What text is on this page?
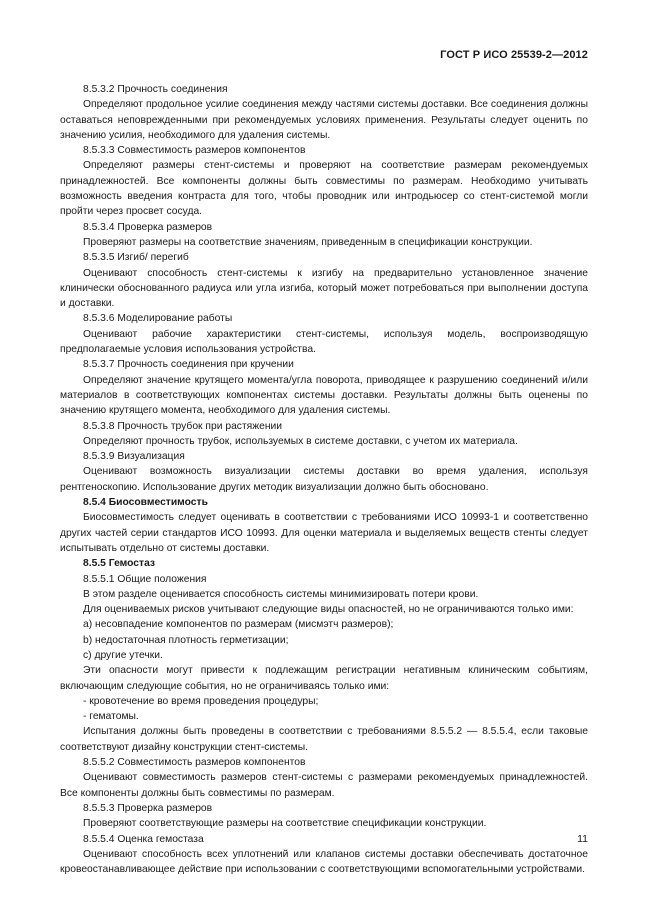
ГОСТ Р ИСО 25539-2—2012
8.5.3.2 Прочность соединения
Определяют продольное усилие соединения между частями системы доставки. Все соединения должны оставаться неповрежденными при рекомендуемых условиях применения. Результаты следует оценить по значению усилия, необходимого для удаления системы.
8.5.3.3 Совместимость размеров компонентов
Определяют размеры стент-системы и проверяют на соответствие размерам рекомендуемых принадлежностей. Все компоненты должны быть совместимы по размерам. Необходимо учитывать возможность введения контраста для того, чтобы проводник или интродьюсер со стент-системой могли пройти через просвет сосуда.
8.5.3.4 Проверка размеров
Проверяют размеры на соответствие значениям, приведенным в спецификации конструкции.
8.5.3.5 Изгиб/ перегиб
Оценивают способность стент-системы к изгибу на предварительно установленное значение клинически обоснованного радиуса или угла изгиба, который может потребоваться при выполнении доступа и доставки.
8.5.3.6 Моделирование работы
Оценивают рабочие характеристики стент-системы, используя модель, воспроизводящую предполагаемые условия использования устройства.
8.5.3.7 Прочность соединения при кручении
Определяют значение крутящего момента/угла поворота, приводящее к разрушению соединений и/или материалов в соответствующих компонентах системы доставки. Результаты должны быть оценены по значению крутящего момента, необходимого для удаления системы.
8.5.3.8 Прочность трубок при растяжении
Определяют прочность трубок, используемых в системе доставки, с учетом их материала.
8.5.3.9 Визуализация
Оценивают возможность визуализации системы доставки во время удаления, используя рентгеноскопию. Использование других методик визуализации должно быть обосновано.
8.5.4 Биосовместимость
Биосовместимость следует оценивать в соответствии с требованиями ИСО 10993-1 и соответственно других частей серии стандартов ИСО 10993. Для оценки материала и выделяемых веществ стенты следует испытывать отдельно от системы доставки.
8.5.5 Гемостаз
8.5.5.1 Общие положения
В этом разделе оценивается способность системы минимизировать потери крови.
Для оцениваемых рисков учитывают следующие виды опасностей, но не ограничиваются только ими:
a) несовпадение компонентов по размерам (мисмэтч размеров);
b) недостаточная плотность герметизации;
c) другие утечки.
Эти опасности могут привести к подлежащим регистрации негативным клиническим событиям, включающим следующие события, но не ограничиваясь только ими:
- кровотечение во время проведения процедуры;
- гематомы.
Испытания должны быть проведены в соответствии с требованиями 8.5.5.2 — 8.5.5.4, если таковые соответствуют дизайну конструкции стент-системы.
8.5.5.2 Совместимость размеров компонентов
Оценивают совместимость размеров стент-системы с размерами рекомендуемых принадлежностей. Все компоненты должны быть совместимы по размерам.
8.5.5.3 Проверка размеров
Проверяют соответствующие размеры на соответствие спецификации конструкции.
8.5.5.4 Оценка гемостаза
Оценивают способность всех уплотнений или клапанов системы доставки обеспечивать достаточное кровеостанавливающее действие при использовании с соответствующими вспомогательными устройствами.
11
